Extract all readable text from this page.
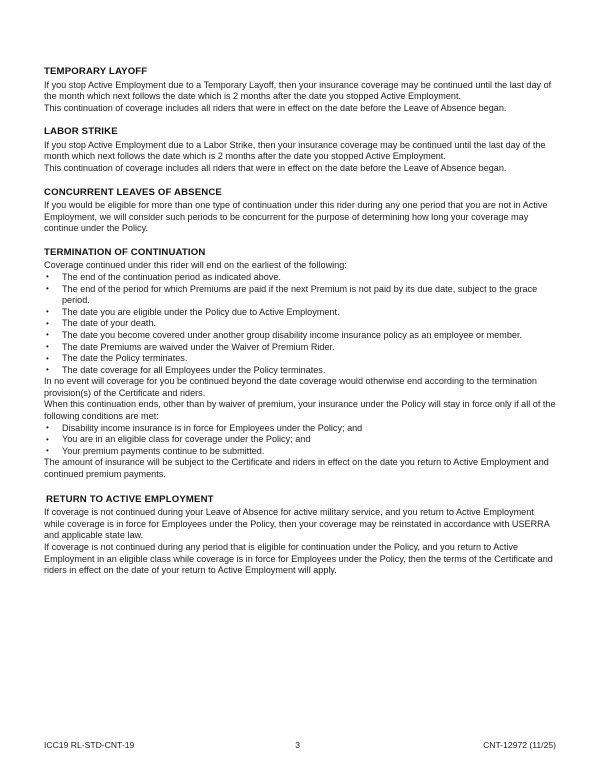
TEMPORARY LAYOFF

If you stop Active Employment due to a Temporary Layoff, then your insurance coverage may be continued until the last day of the month which next follows the date which is 2 months after the date you stopped Active Employment.

This continuation of coverage includes all riders that were in effect on the date before the Leave of Absence began.

LABOR STRIKE

If you stop Active Employment due to a Labor Strike, then your insurance coverage may be continued until the last day of the month which next follows the date which is 2 months after the date you stopped Active Employment.

This continuation of coverage includes all riders that were in effect on the date before the Leave of Absence began.

CONCURRENT LEAVES OF ABSENCE

If you would be eligible for more than one type of continuation under this rider during any one period that you are not in Active Employment, we will consider such periods to be concurrent for the purpose of determining how long your coverage may continue under the Policy.

TERMINATION OF CONTINUATION

Coverage continued under this rider will end on the earliest of the following:

• The end of the continuation period as indicated above.
• The end of the period for which Premiums are paid if the next Premium is not paid by its due date, subject to the grace period.
• The date you are eligible under the Policy due to Active Employment.
• The date of your death.
• The date you become covered under another group disability income insurance policy as an employee or member.
• The date Premiums are waived under the Waiver of Premium Rider.
• The date the Policy terminates.
• The date coverage for all Employees under the Policy terminates.

In no event will coverage for you be continued beyond the date coverage would otherwise end according to the termination provision(s) of the Certificate and riders.

When this continuation ends, other than by waiver of premium, your insurance under the Policy will stay in force only if all of the following conditions are met:

• Disability income insurance is in force for Employees under the Policy; and
• You are in an eligible class for coverage under the Policy; and
• Your premium payments continue to be submitted.

The amount of insurance will be subject to the Certificate and riders in effect on the date you return to Active Employment and continued premium payments.

RETURN TO ACTIVE EMPLOYMENT

If coverage is not continued during your Leave of Absence for active military service, and you return to Active Employment while coverage is in force for Employees under the Policy, then your coverage may be reinstated in accordance with USERRA and applicable state law.

If coverage is not continued during any period that is eligible for continuation under the Policy, and you return to Active Employment in an eligible class while coverage is in force for Employees under the Policy, then the terms of the Certificate and riders in effect on the date of your return to Active Employment will apply.

ICC19 RL-STD-CNT-19	3	CNT-12972 (11/25)
